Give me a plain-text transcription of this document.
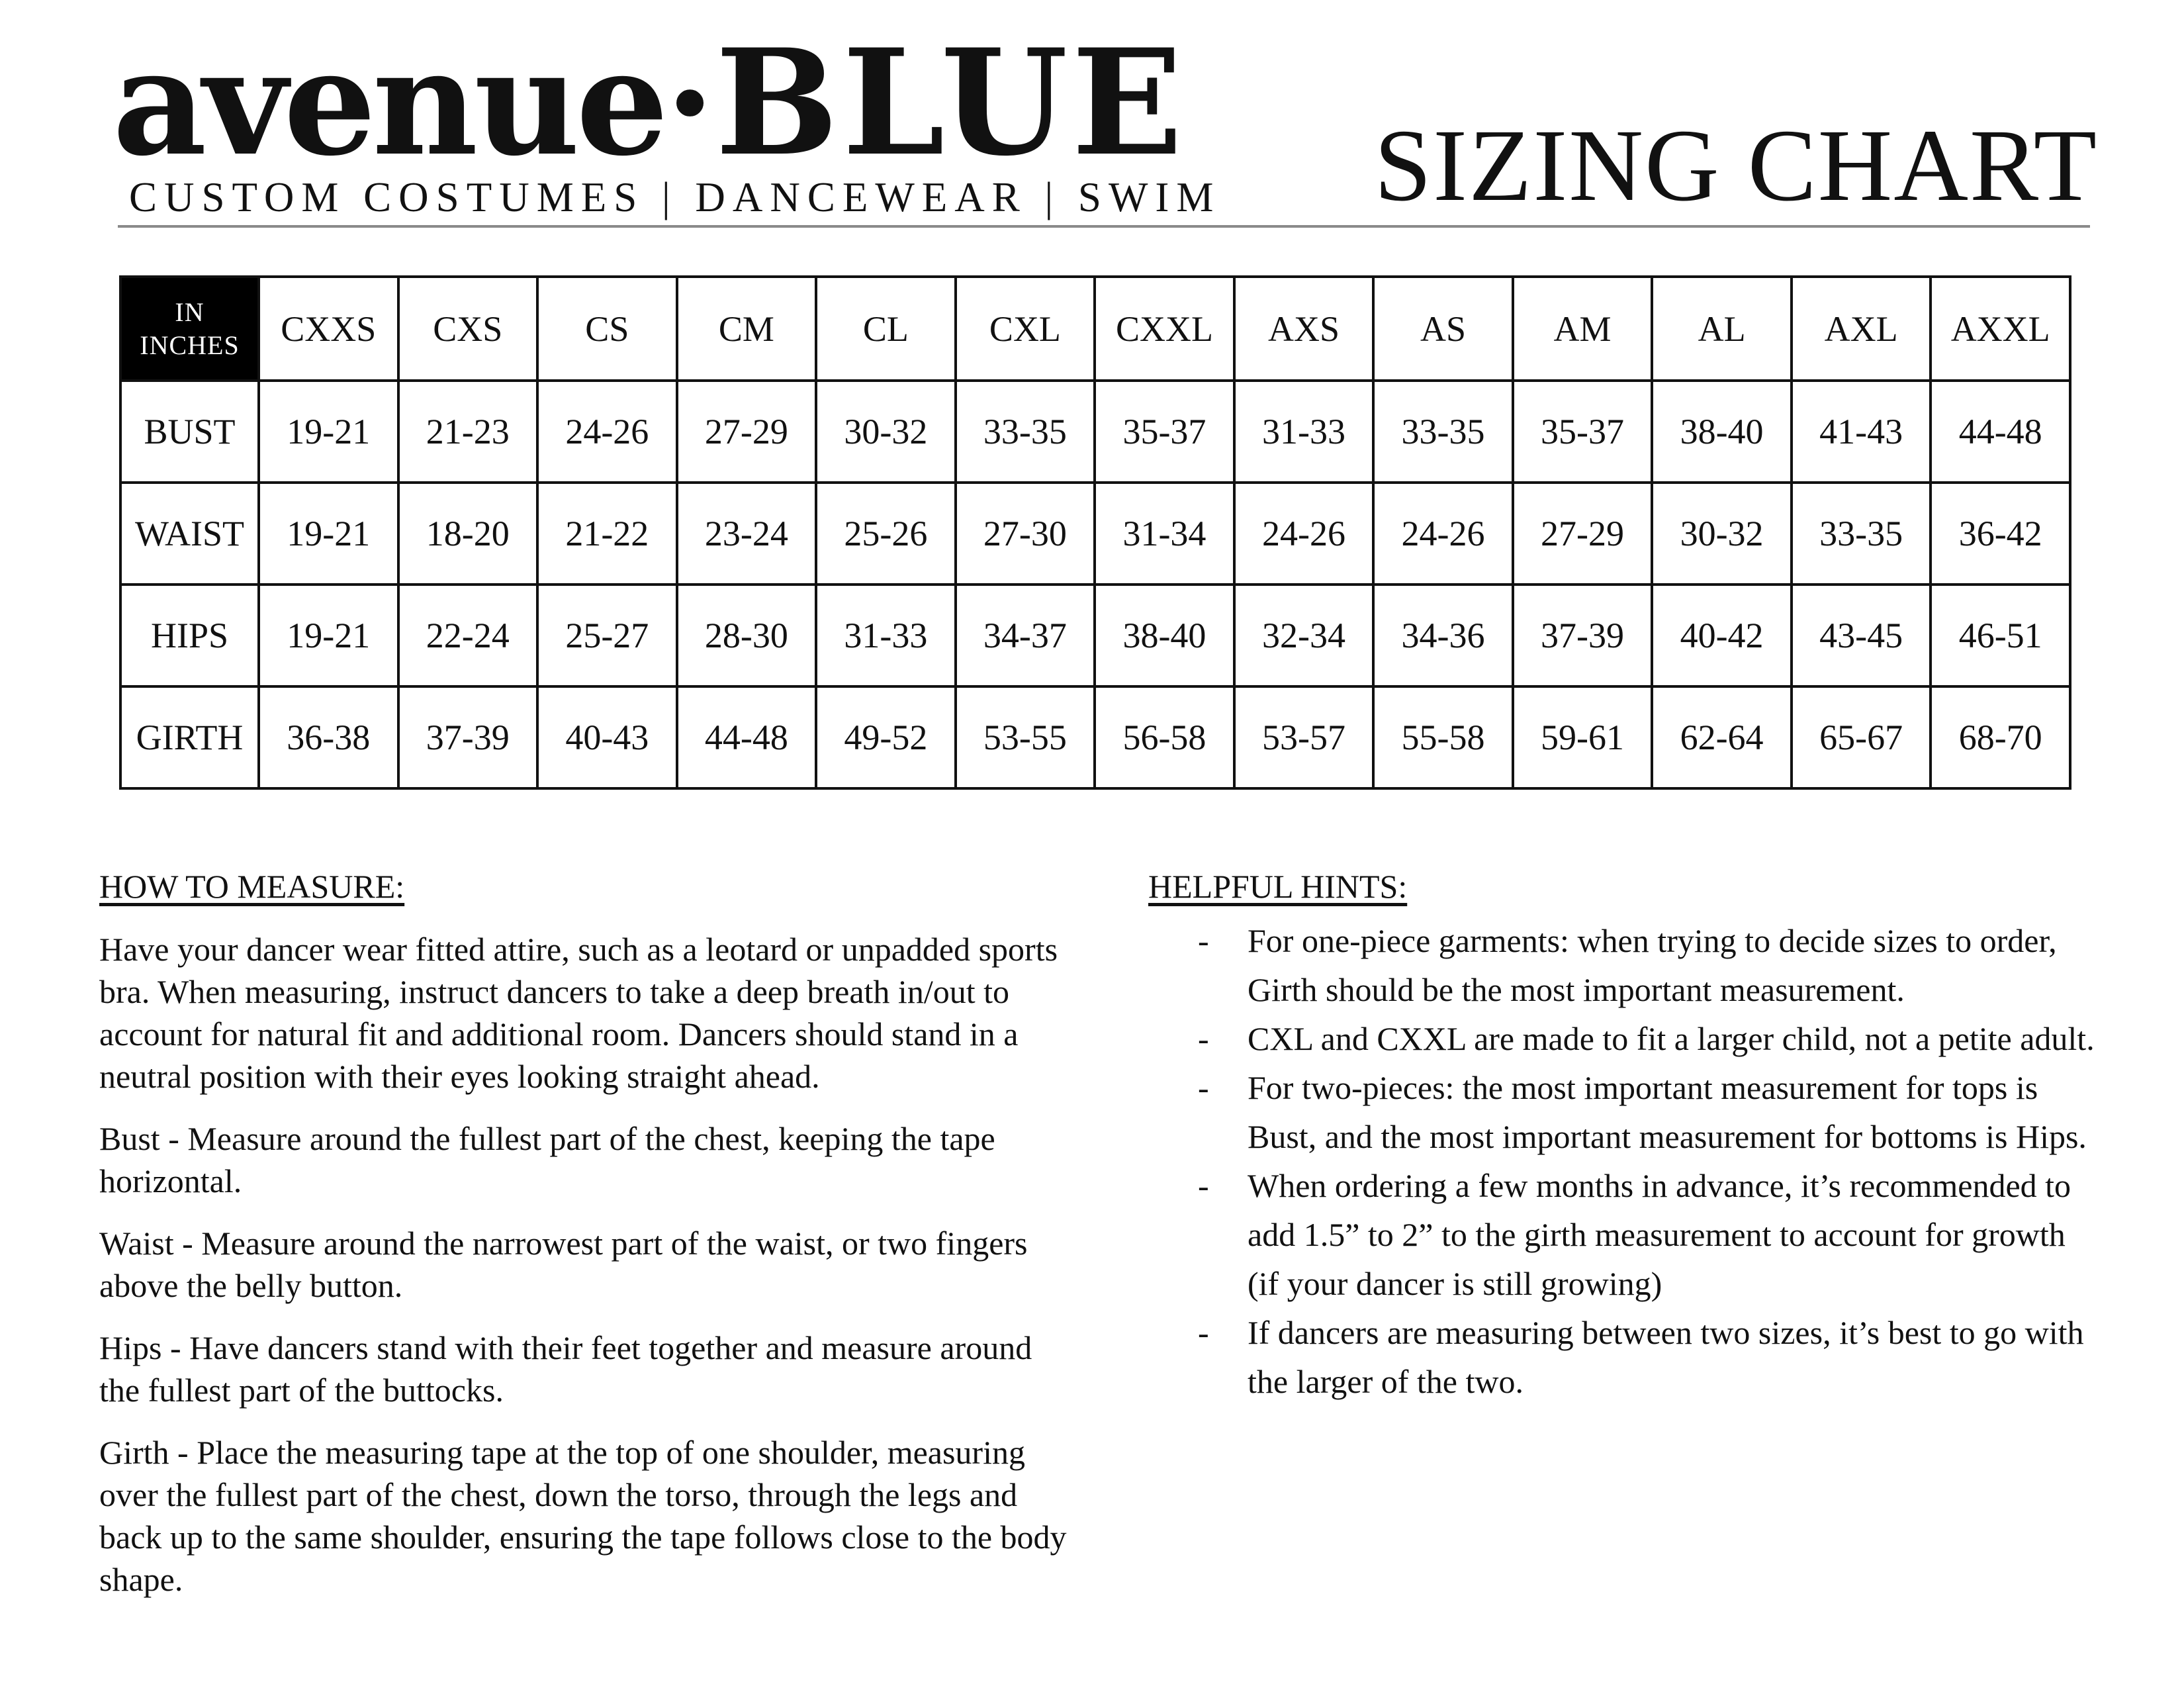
avenue·BLUE
CUSTOM COSTUMES | DANCEWEAR | SWIM	SIZING CHART
IN
INCHES	CXXS	CXS	CS	CM	CL	CXL	CXXL	AXS	AS	AM	AL	AXL	AXXL
BUST	19-21	21-23	24-26	27-29	30-32	33-35	35-37	31-33	33-35	35-37	38-40	41-43	44-48
WAIST	19-21	18-20	21-22	23-24	25-26	27-30	31-34	24-26	24-26	27-29	30-32	33-35	36-42
HIPS	19-21	22-24	25-27	28-30	31-33	34-37	38-40	32-34	34-36	37-39	40-42	43-45	46-51
GIRTH	36-38	37-39	40-43	44-48	49-52	53-55	56-58	53-57	55-58	59-61	62-64	65-67	68-70
HOW TO MEASURE:

Have your dancer wear fitted attire, such as a leotard or unpadded sports bra. When measuring, instruct dancers to take a deep breath in/out to account for natural fit and additional room. Dancers should stand in a neutral position with their eyes looking straight ahead.

Bust - Measure around the fullest part of the chest, keeping the tape horizontal.

Waist - Measure around the narrowest part of the waist, or two fingers above the belly button.

Hips - Have dancers stand with their feet together and measure around the fullest part of the buttocks.

Girth - Place the measuring tape at the top of one shoulder, measuring over the fullest part of the chest, down the torso, through the legs and back up to the same shoulder, ensuring the tape follows close to the body shape.

HELPFUL HINTS:
- For one-piece garments: when trying to decide sizes to order, Girth should be the most important measurement.
- CXL and CXXL are made to fit a larger child, not a petite adult.
- For two-pieces: the most important measurement for tops is Bust, and the most important measurement for bottoms is Hips.
- When ordering a few months in advance, it’s recommended to add 1.5” to 2” to the girth measurement to account for growth (if your dancer is still growing)
- If dancers are measuring between two sizes, it’s best to go with the larger of the two.
